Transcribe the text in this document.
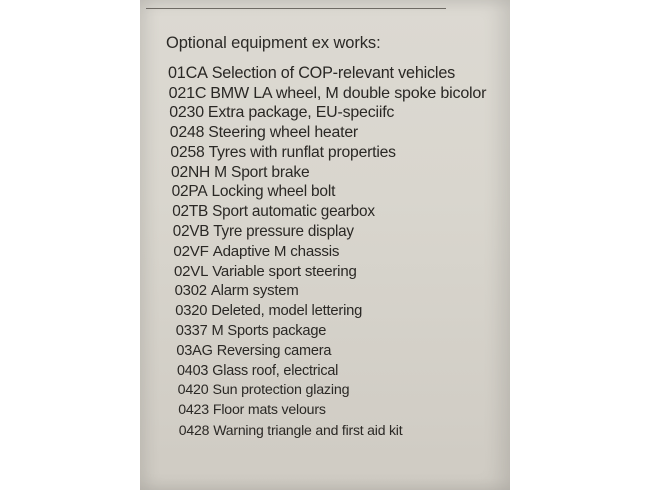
Optional equipment ex works:
01CA Selection of COP-relevant vehicles
021C BMW LA wheel, M double spoke bicolor
0230 Extra package, EU-speciifc
0248 Steering wheel heater
0258 Tyres with runflat properties
02NH M Sport brake
02PA Locking wheel bolt
02TB Sport automatic gearbox
02VB Tyre pressure display
02VF Adaptive M chassis
02VL Variable sport steering
0302 Alarm system
0320 Deleted, model lettering
0337 M Sports package
03AG Reversing camera
0403 Glass roof, electrical
0420 Sun protection glazing
0423 Floor mats velours
0428 Warning triangle and first aid kit
